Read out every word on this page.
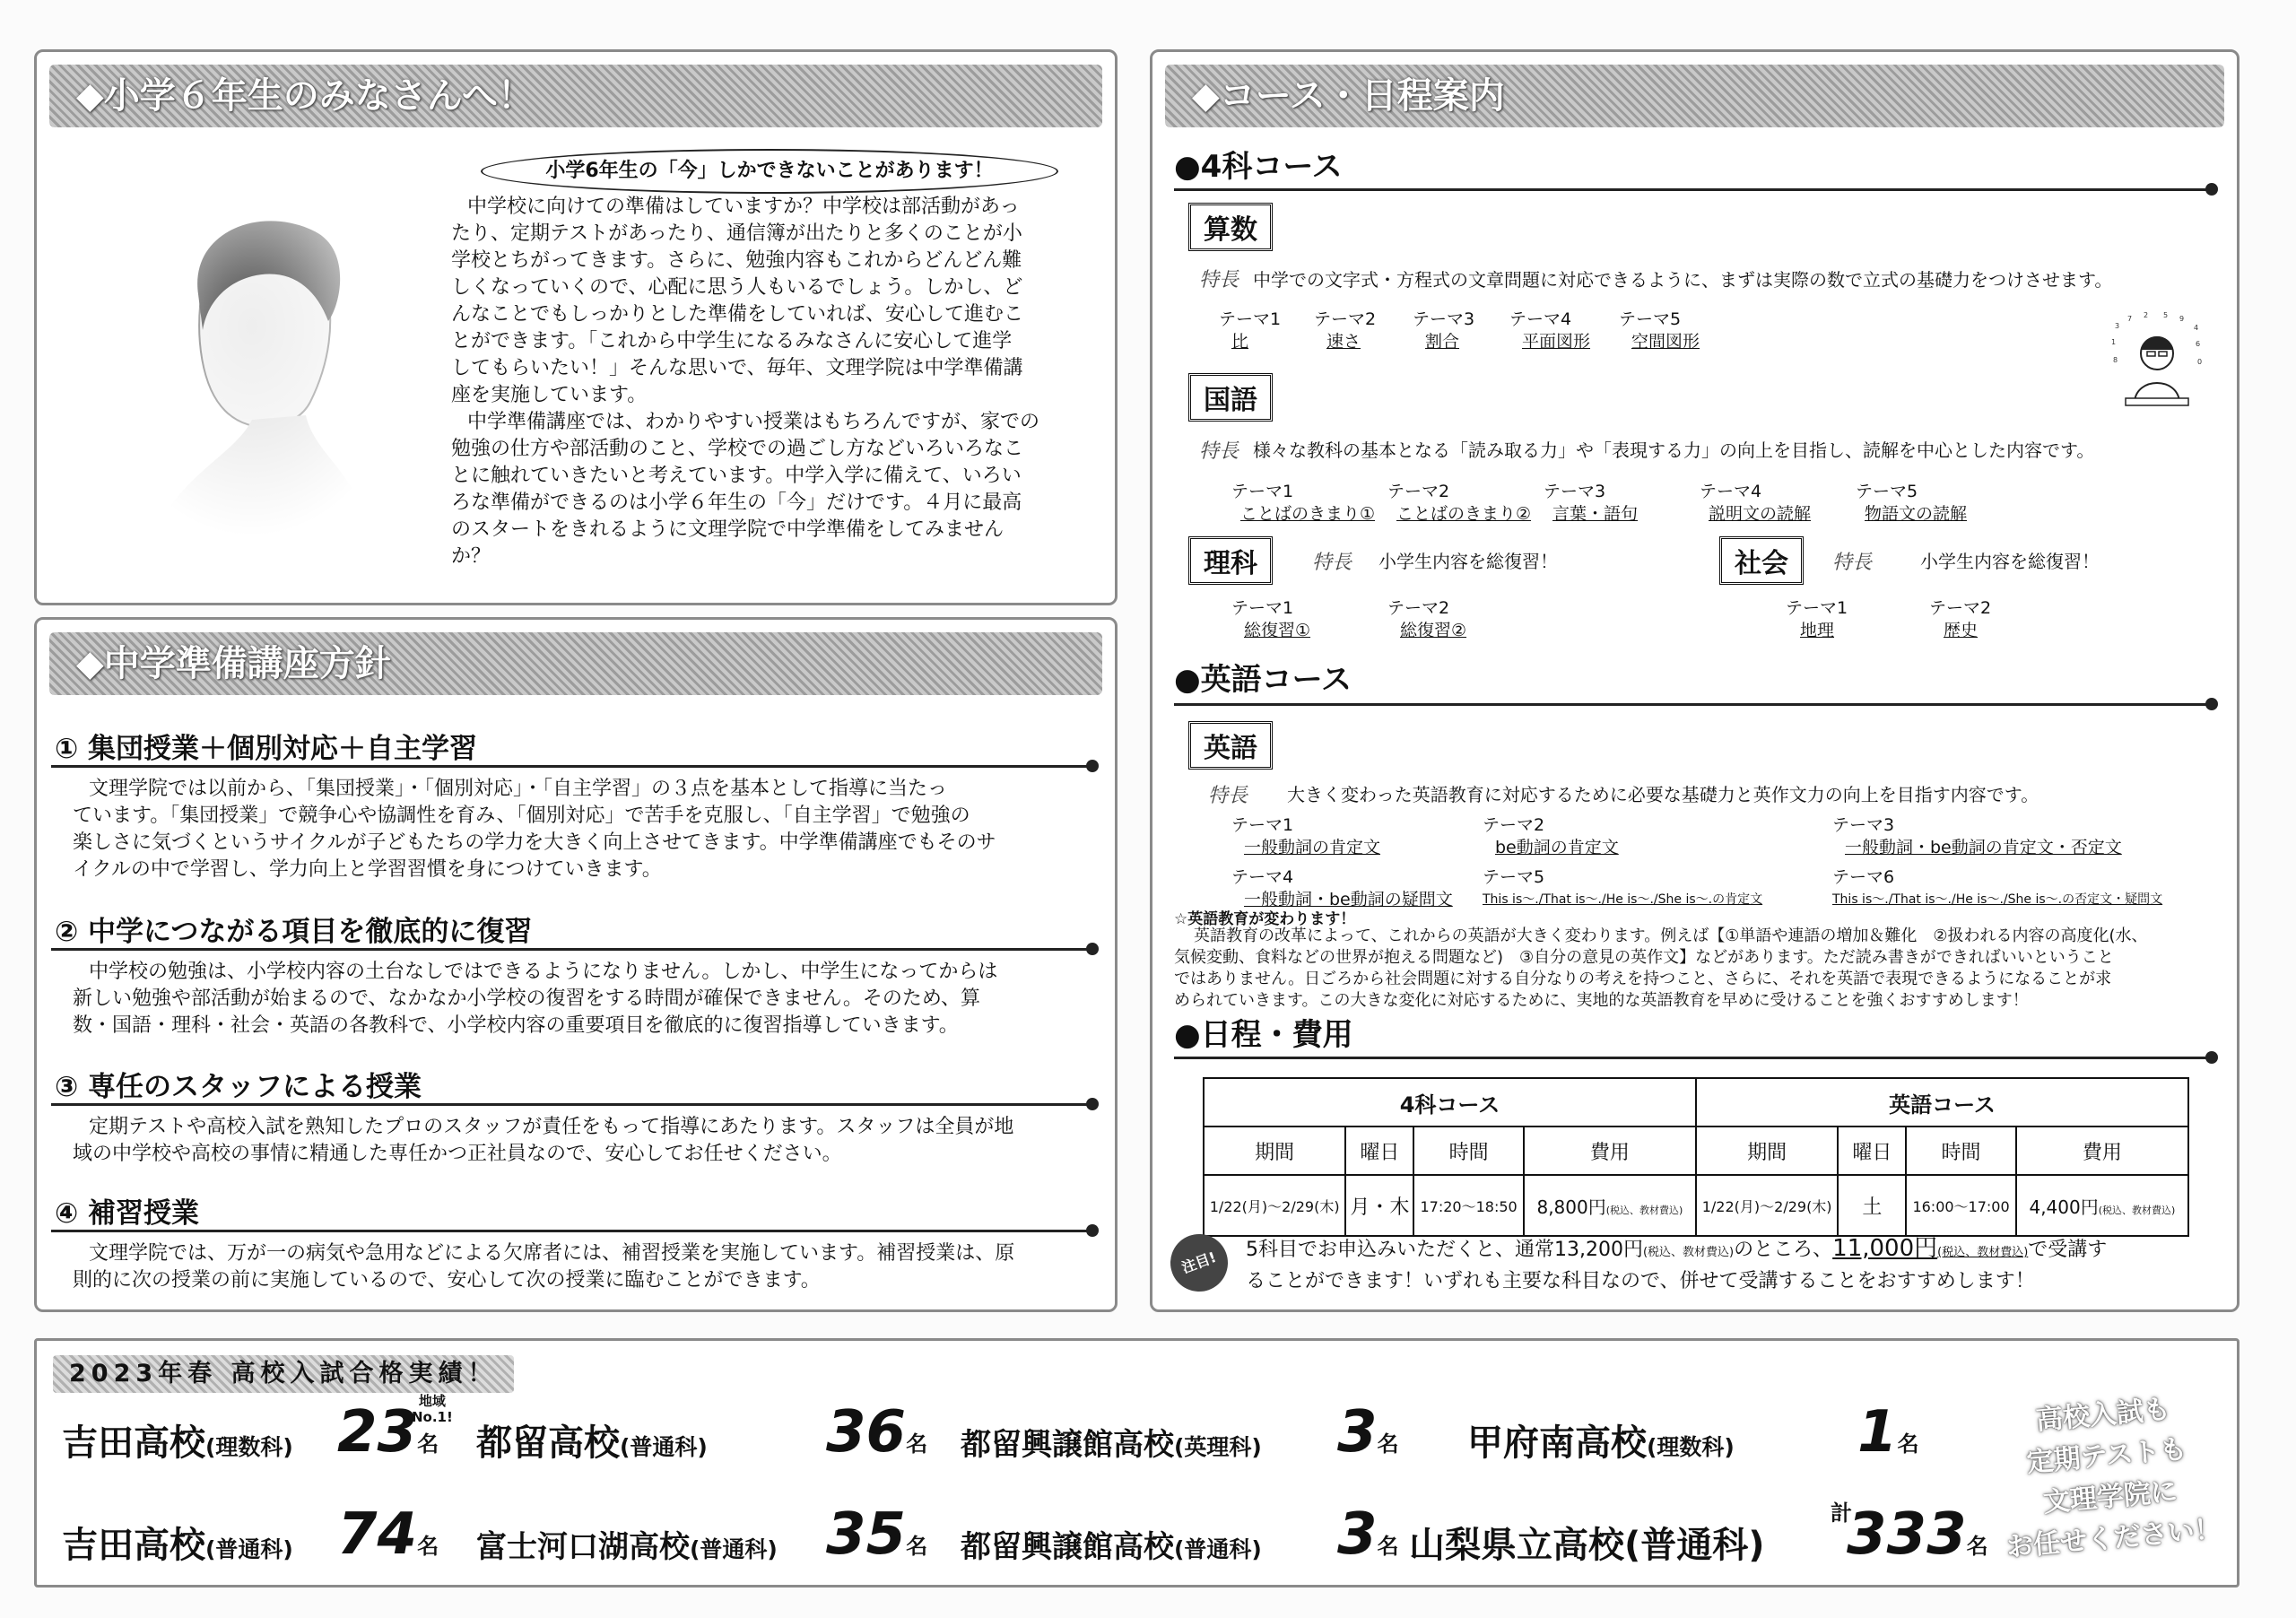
◆小学６年生のみなさんへ！
小学6年生の「今」しかできないことがあります！
中学校に向けての準備はしていますか？中学校は部活動があっ
たり、定期テストがあったり、通信簿が出たりと多くのことが小
学校とちがってきます。さらに、勉強内容もこれからどんどん難
しくなっていくので、心配に思う人もいるでしょう。しかし、ど
んなことでもしっかりとした準備をしていれば、安心して進むこ
とができます。「これから中学生になるみなさんに安心して進学
してもらいたい！」そんな思いで、毎年、文理学院は中学準備講
座を実施しています。
中学準備講座では、わかりやすい授業はもちろんですが、家での
勉強の仕方や部活動のこと、学校での過ごし方などいろいろなこ
とに触れていきたいと考えています。中学入学に備えて、いろい
ろな準備ができるのは小学６年生の「今」だけです。４月に最高
のスタートをきれるように文理学院で中学準備をしてみません
か？
◆中学準備講座方針
① 集団授業＋個別対応＋自主学習
文理学院では以前から、「集団授業」・「個別対応」・「自主学習」の３点を基本として指導に当たっ
ています。「集団授業」で競争心や協調性を育み、「個別対応」で苦手を克服し、「自主学習」で勉強の
楽しさに気づくというサイクルが子どもたちの学力を大きく向上させてきます。中学準備講座でもそのサ
イクルの中で学習し、学力向上と学習習慣を身につけていきます。
② 中学につながる項目を徹底的に復習
中学校の勉強は、小学校内容の土台なしではできるようになりません。しかし、中学生になってからは
新しい勉強や部活動が始まるので、なかなか小学校の復習をする時間が確保できません。そのため、算
数・国語・理科・社会・英語の各教科で、小学校内容の重要項目を徹底的に復習指導していきます。
③ 専任のスタッフによる授業
定期テストや高校入試を熟知したプロのスタッフが責任をもって指導にあたります。スタッフは全員が地
域の中学校や高校の事情に精通した専任かつ正社員なので、安心してお任せください。
④ 補習授業
文理学院では、万が一の病気や急用などによる欠席者には、補習授業を実施しています。補習授業は、原
則的に次の授業の前に実施しているので、安心して次の授業に臨むことができます。
◆コース・日程案内
●4科コース
算数
特長 中学での文字式・方程式の文章問題に対応できるように、まずは実際の数で立式の基礎力をつけさせます。
テーマ1
比
テーマ2
速さ
テーマ3
割合
テーマ4
平面図形
テーマ5
空間図形
3
7 2 5 9
4
1	6
8	0
国語
特長 様々な教科の基本となる「読み取る力」や「表現する力」の向上を目指し、読解を中心とした内容です。
テーマ1
ことばのきまり①
テーマ2
ことばのきまり②
テーマ3
言葉・語句
テーマ4
説明文の読解
テーマ5
物語文の読解
理科	特長 小学生内容を総復習！
テーマ1
総復習①
テーマ2
総復習②
社会	特長	小学生内容を総復習！
テーマ1
地理
テーマ2
歴史
●英語コース
英語
特長 大きく変わった英語教育に対応するために必要な基礎力と英作文力の向上を目指す内容です。
テーマ1
一般動詞の肯定文
テーマ2
be動詞の肯定文
テーマ3
一般動詞・be動詞の肯定文・否定文
テーマ4
一般動詞・be動詞の疑問文
テーマ5
This is～./That is～./He is～./She is～.の肯定文
テーマ6
This is～./That is～./He is～./She is～.の否定文・疑問文
☆英語教育が変わります！
英語教育の改革によって、これからの英語が大きく変わります。例えば【①単語や連語の増加＆難化　②扱われる内容の高度化(水、
気候変動、食料などの世界が抱える問題など)　③自分の意見の英作文】などがあります。ただ読み書きができればいいということ
ではありません。日ごろから社会問題に対する自分なりの考えを持つこと、さらに、それを英語で表現できるようになることが求
められていきます。この大きな変化に対応するために、実地的な英語教育を早めに受けることを強くおすすめします！
●日程・費用
4科コース				英語コース			
期間	曜日	時間	費用	期間	曜日	時間	費用
1/22(月)～2/29(木)	月・木	17:20～18:50	8,800円(税込、教材費込)	1/22(月)～2/29(木)	土	16:00～17:00	4,400円(税込、教材費込)
注目!	5科目でお申込みいただくと、通常13,200円(税込、教材費込)のところ、11,000円(税込、教材費込)で受講す
ることができます！いずれも主要な科目なので、併せて受講することをおすすめします！
2023年春 高校入試合格実績！
吉田高校(理数科) 23名
地域
No.1!
都留高校(普通科) 36名 都留興譲館高校(英理科) 3名 甲府南高校(理数科) 1名
吉田高校(普通科) 74名 富士河口湖高校(普通科) 35名 都留興譲館高校(普通科) 3名 山梨県立高校(普通科)
計
333名
高校入試も
定期テストも
文理学院に
お任せください！
